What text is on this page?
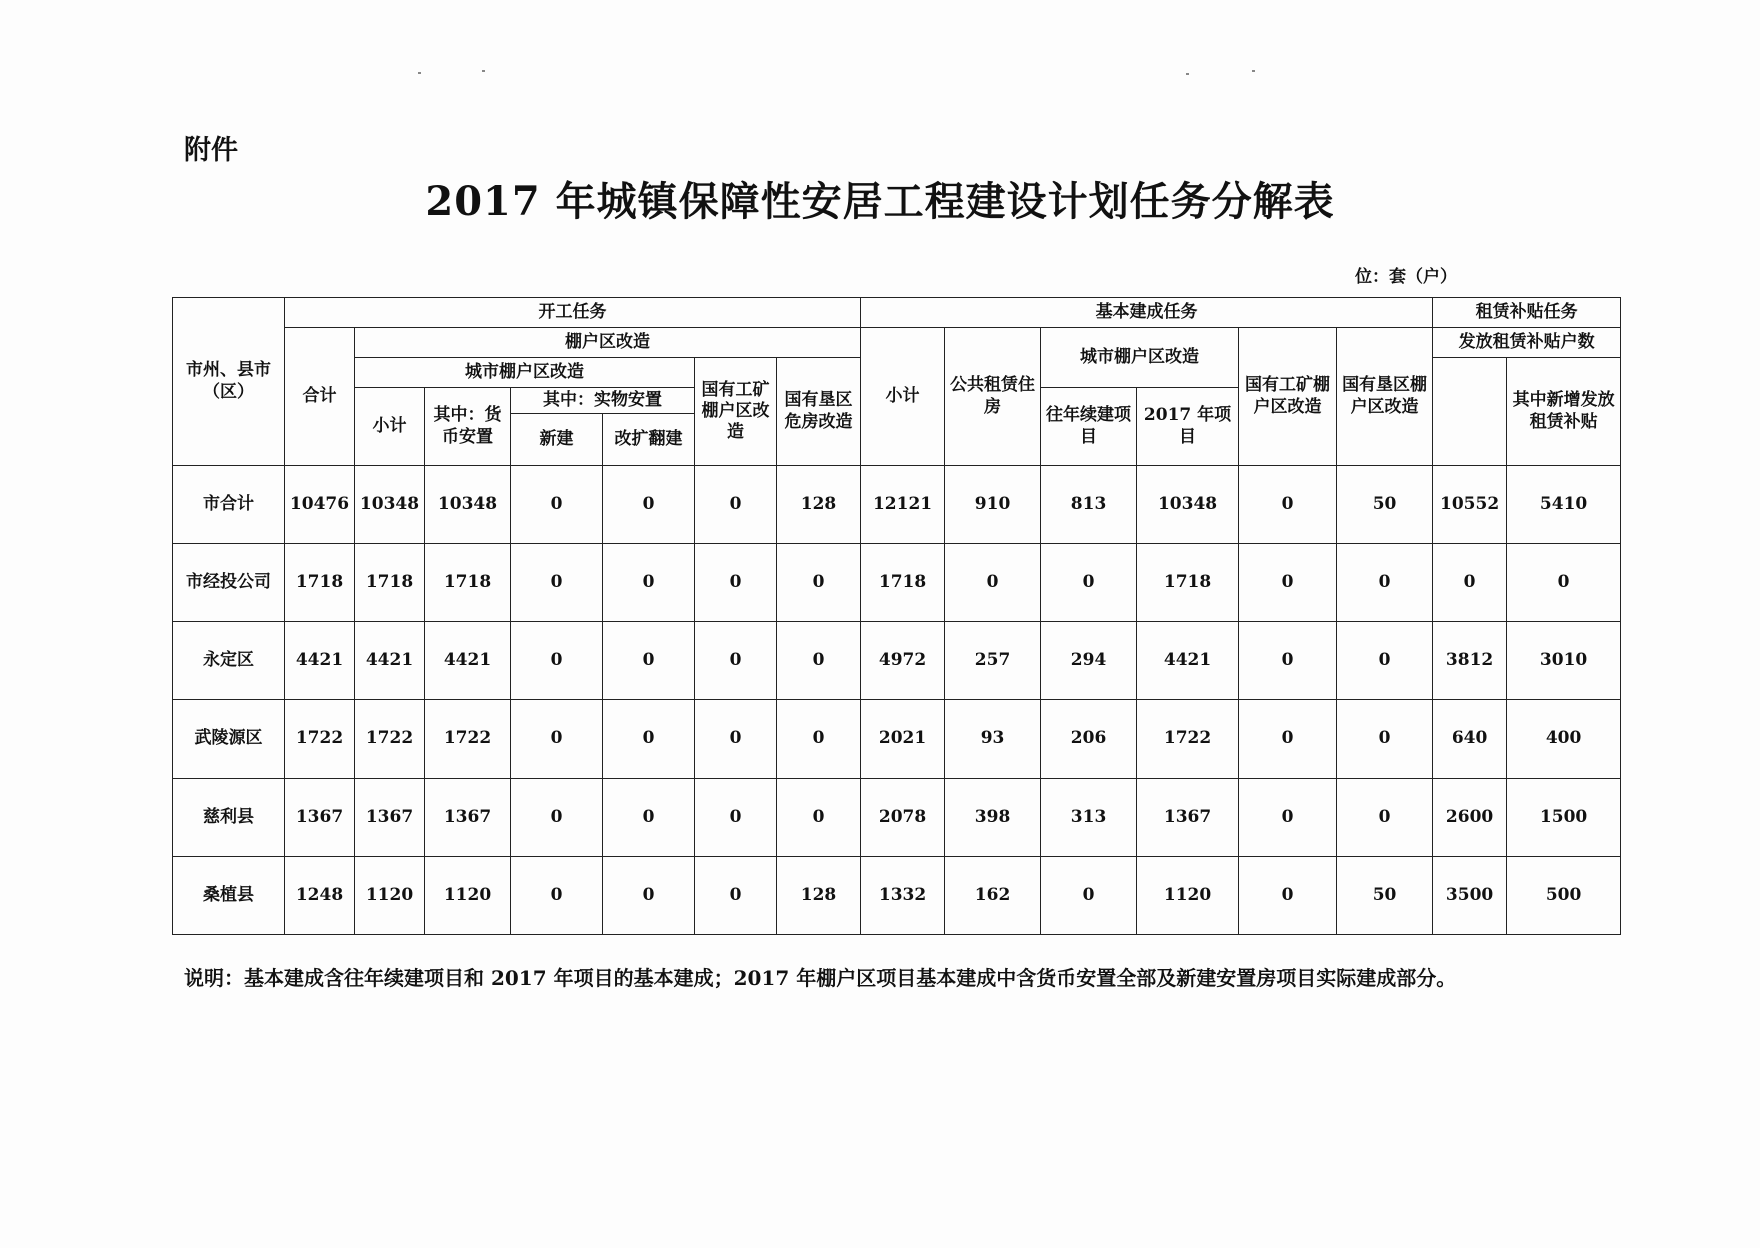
附件
2017 年城镇保障性安居工程建设计划任务分解表
位：套（户）
市州、县市（区）	开工任务							基本建成任务						租赁补贴任务	
	合计	棚户区改造						小计	公共租赁住房	城市棚户区改造		国有工矿棚户区改造	国有垦区棚户区改造	发放租赁补贴户数	
		城市棚户区改造				国有工矿棚户区改造	国有垦区危房改造								其中新增发放租赁补贴
		小计	其中：货币安置	其中：实物安置						往年续建项目	2017 年项目				
				新建	改扩翻建										
市合计	10476	10348	10348	0	0	0	128	12121	910	813	10348	0	50	10552	5410
市经投公司	1718	1718	1718	0	0	0	0	1718	0	0	1718	0	0	0	0
永定区	4421	4421	4421	0	0	0	0	4972	257	294	4421	0	0	3812	3010
武陵源区	1722	1722	1722	0	0	0	0	2021	93	206	1722	0	0	640	400
慈利县	1367	1367	1367	0	0	0	0	2078	398	313	1367	0	0	2600	1500
桑植县	1248	1120	1120	0	0	0	128	1332	162	0	1120	0	50	3500	500
说明：基本建成含往年续建项目和 2017 年项目的基本建成；2017 年棚户区项目基本建成中含货币安置全部及新建安置房项目实际建成部分。
